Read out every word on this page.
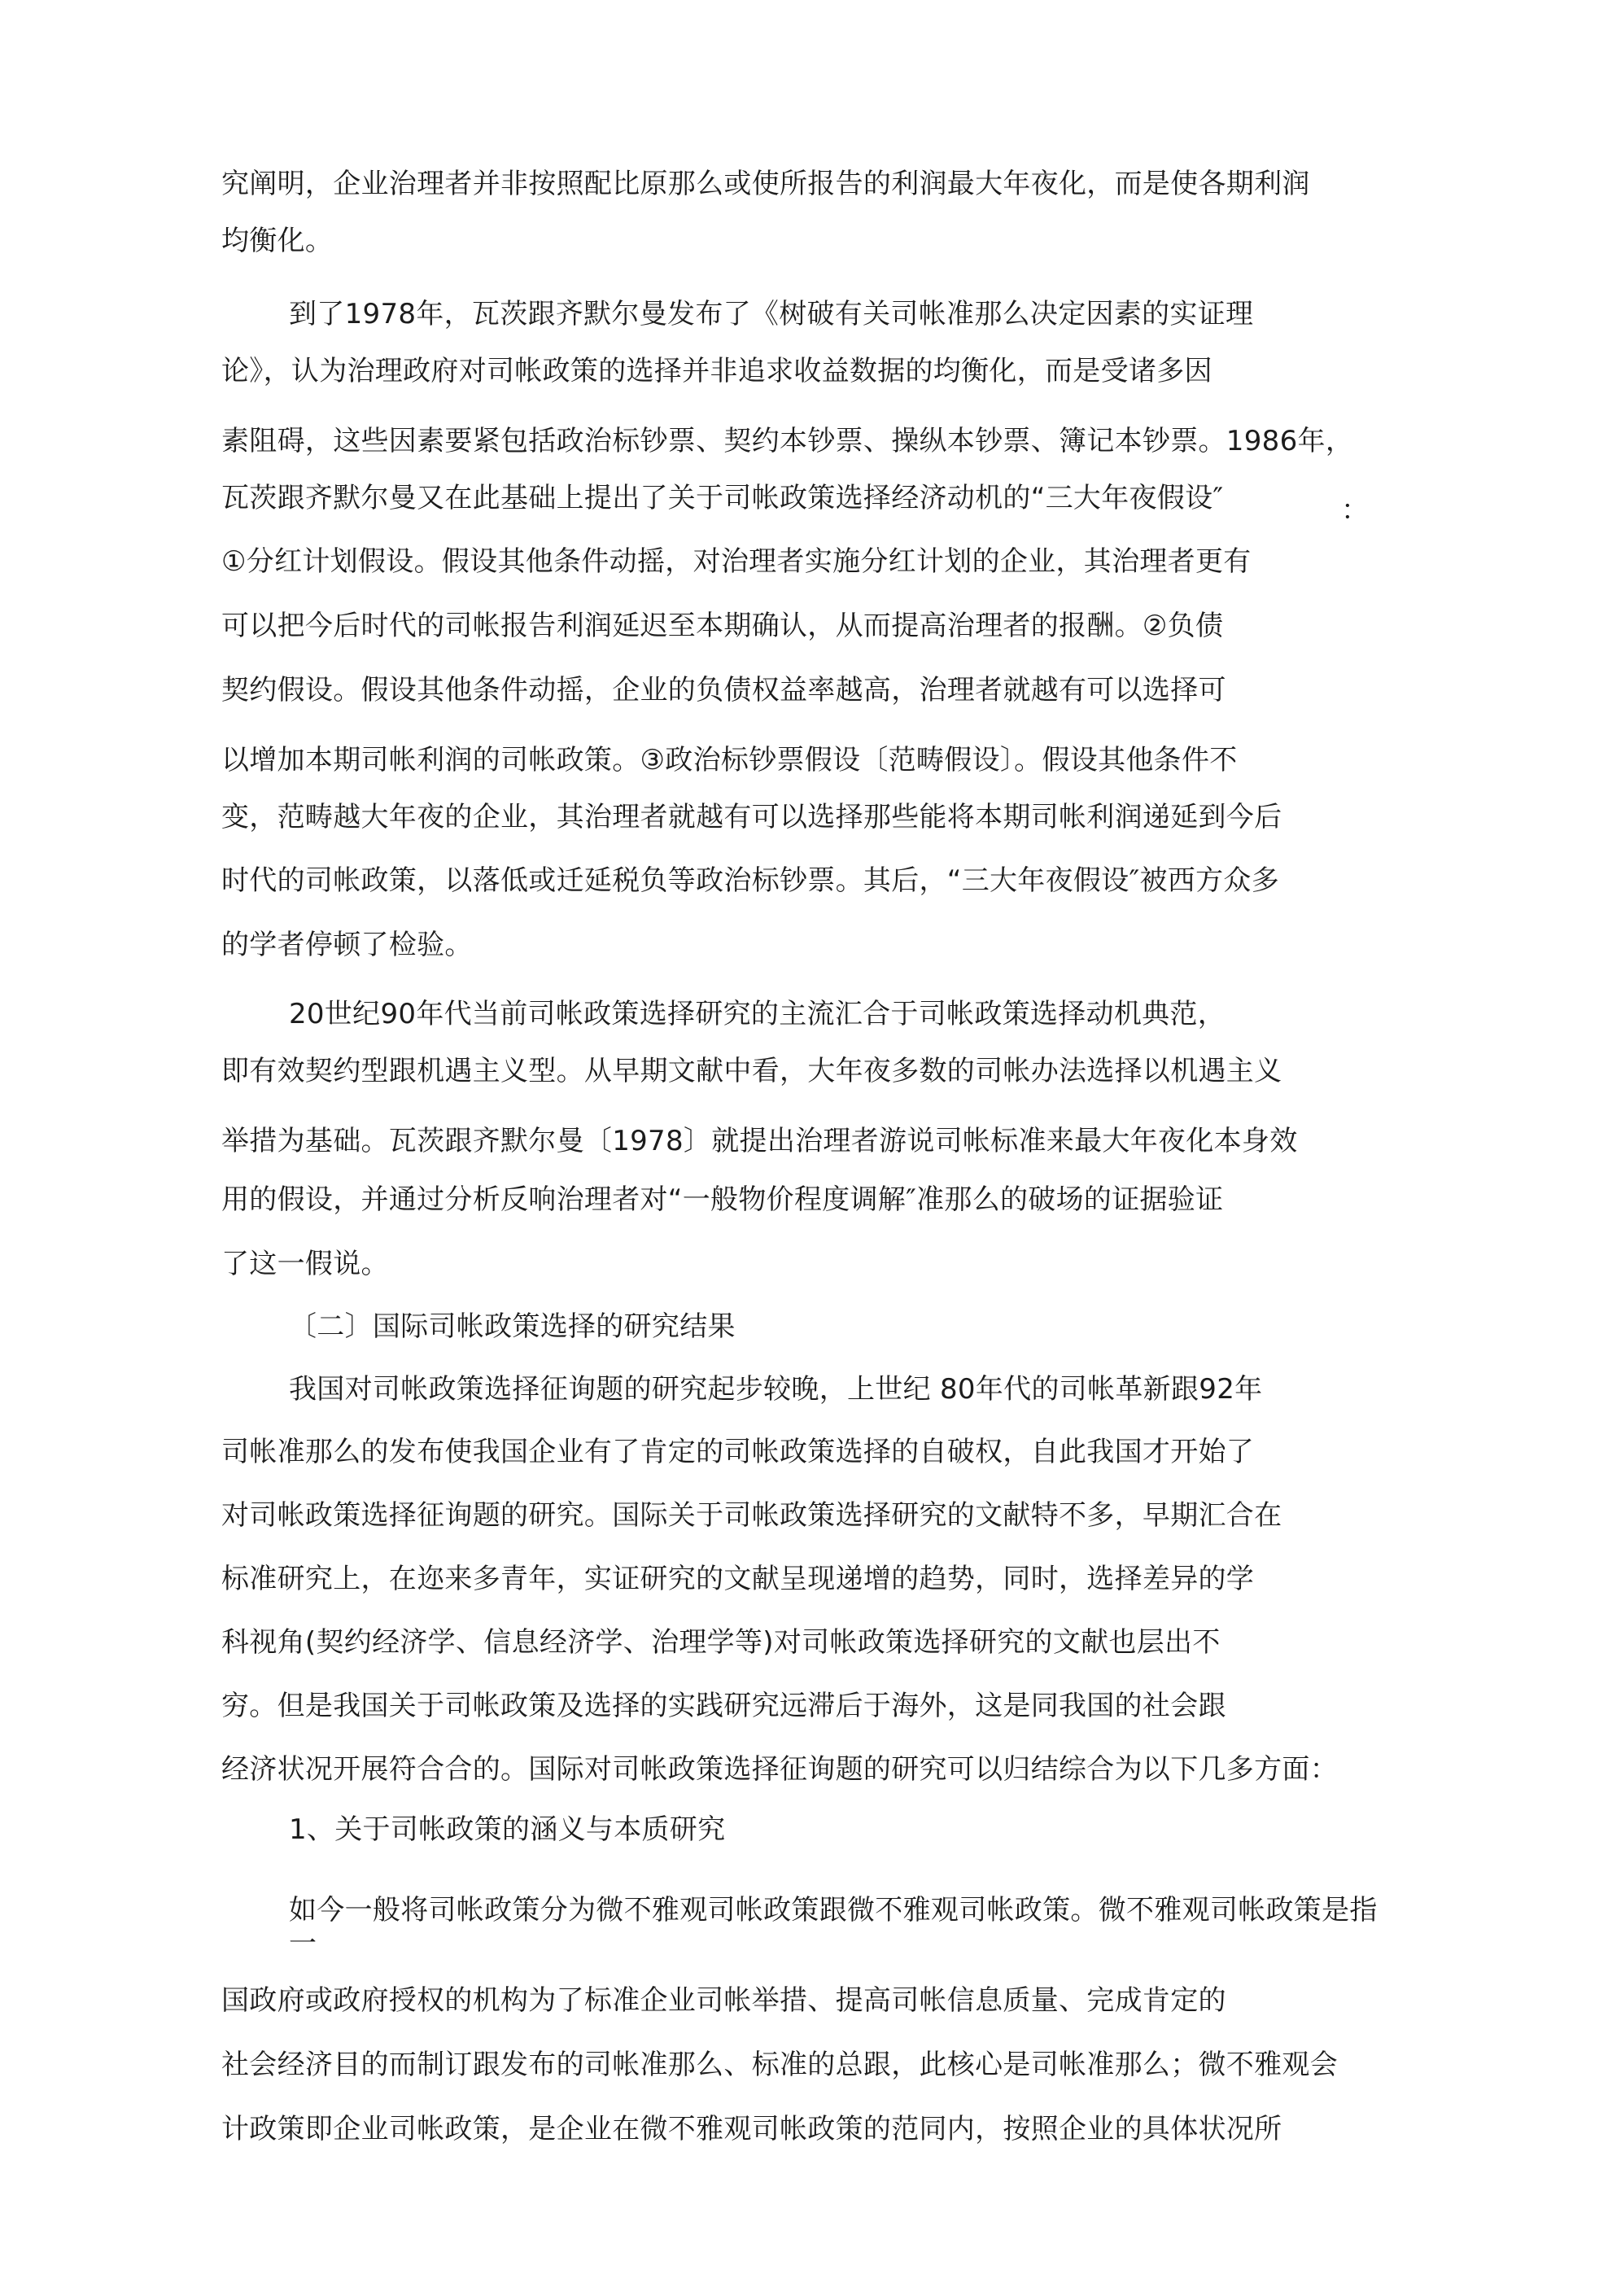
究阐明，企业治理者并非按照配比原那么或使所报告的利润最大年夜化，而是使各期利润
均衡化。
到了1978年，瓦茨跟齐默尔曼发布了《树破有关司帐准那么决定因素的实证理
论》，认为治理政府对司帐政策的选择并非追求收益数据的均衡化，而是受诸多因
素阻碍，这些因素要紧包括政治标钞票、契约本钞票、操纵本钞票、簿记本钞票。1986年，
瓦茨跟齐默尔曼又在此基础上提出了关于司帐政策选择经济动机的“三大年夜假设″	：
①分红计划假设。假设其他条件动摇，对治理者实施分红计划的企业，其治理者更有
可以把今后时代的司帐报告利润延迟至本期确认，从而提高治理者的报酬。②负债
契约假设。假设其他条件动摇，企业的负债权益率越高，治理者就越有可以选择可
以增加本期司帐利润的司帐政策。③政治标钞票假设〔范畴假设〕。假设其他条件不
变，范畴越大年夜的企业，其治理者就越有可以选择那些能将本期司帐利润递延到今后
时代的司帐政策，以落低或迁延税负等政治标钞票。其后，“三大年夜假设″被西方众多
的学者停顿了检验。
20世纪90年代当前司帐政策选择研究的主流汇合于司帐政策选择动机典范，
即有效契约型跟机遇主义型。从早期文献中看，大年夜多数的司帐办法选择以机遇主义
举措为基础。瓦茨跟齐默尔曼〔1978〕就提出治理者游说司帐标准来最大年夜化本身效
用的假设，并通过分析反响治理者对“一般物价程度调解″准那么的破场的证据验证
了这一假说。
〔二〕国际司帐政策选择的研究结果
我国对司帐政策选择征询题的研究起步较晚，上世纪 80年代的司帐革新跟92年
司帐准那么的发布使我国企业有了肯定的司帐政策选择的自破权，自此我国才开始了
对司帐政策选择征询题的研究。国际关于司帐政策选择研究的文献特不多，早期汇合在
标准研究上，在迩来多青年，实证研究的文献呈现递增的趋势，同时，选择差异的学
科视角(契约经济学、信息经济学、治理学等)对司帐政策选择研究的文献也层出不
穷。但是我国关于司帐政策及选择的实践研究远滞后于海外，这是同我国的社会跟
经济状况开展符合合的。国际对司帐政策选择征询题的研究可以归结综合为以下几多方面：
1、关于司帐政策的涵义与本质研究
如今一般将司帐政策分为微不雅观司帐政策跟微不雅观司帐政策。微不雅观司帐政策是指
一
国政府或政府授权的机构为了标准企业司帐举措、提高司帐信息质量、完成肯定的
社会经济目的而制订跟发布的司帐准那么、标准的总跟，此核心是司帐准那么；微不雅观会
计政策即企业司帐政策，是企业在微不雅观司帐政策的范同内，按照企业的具体状况所
